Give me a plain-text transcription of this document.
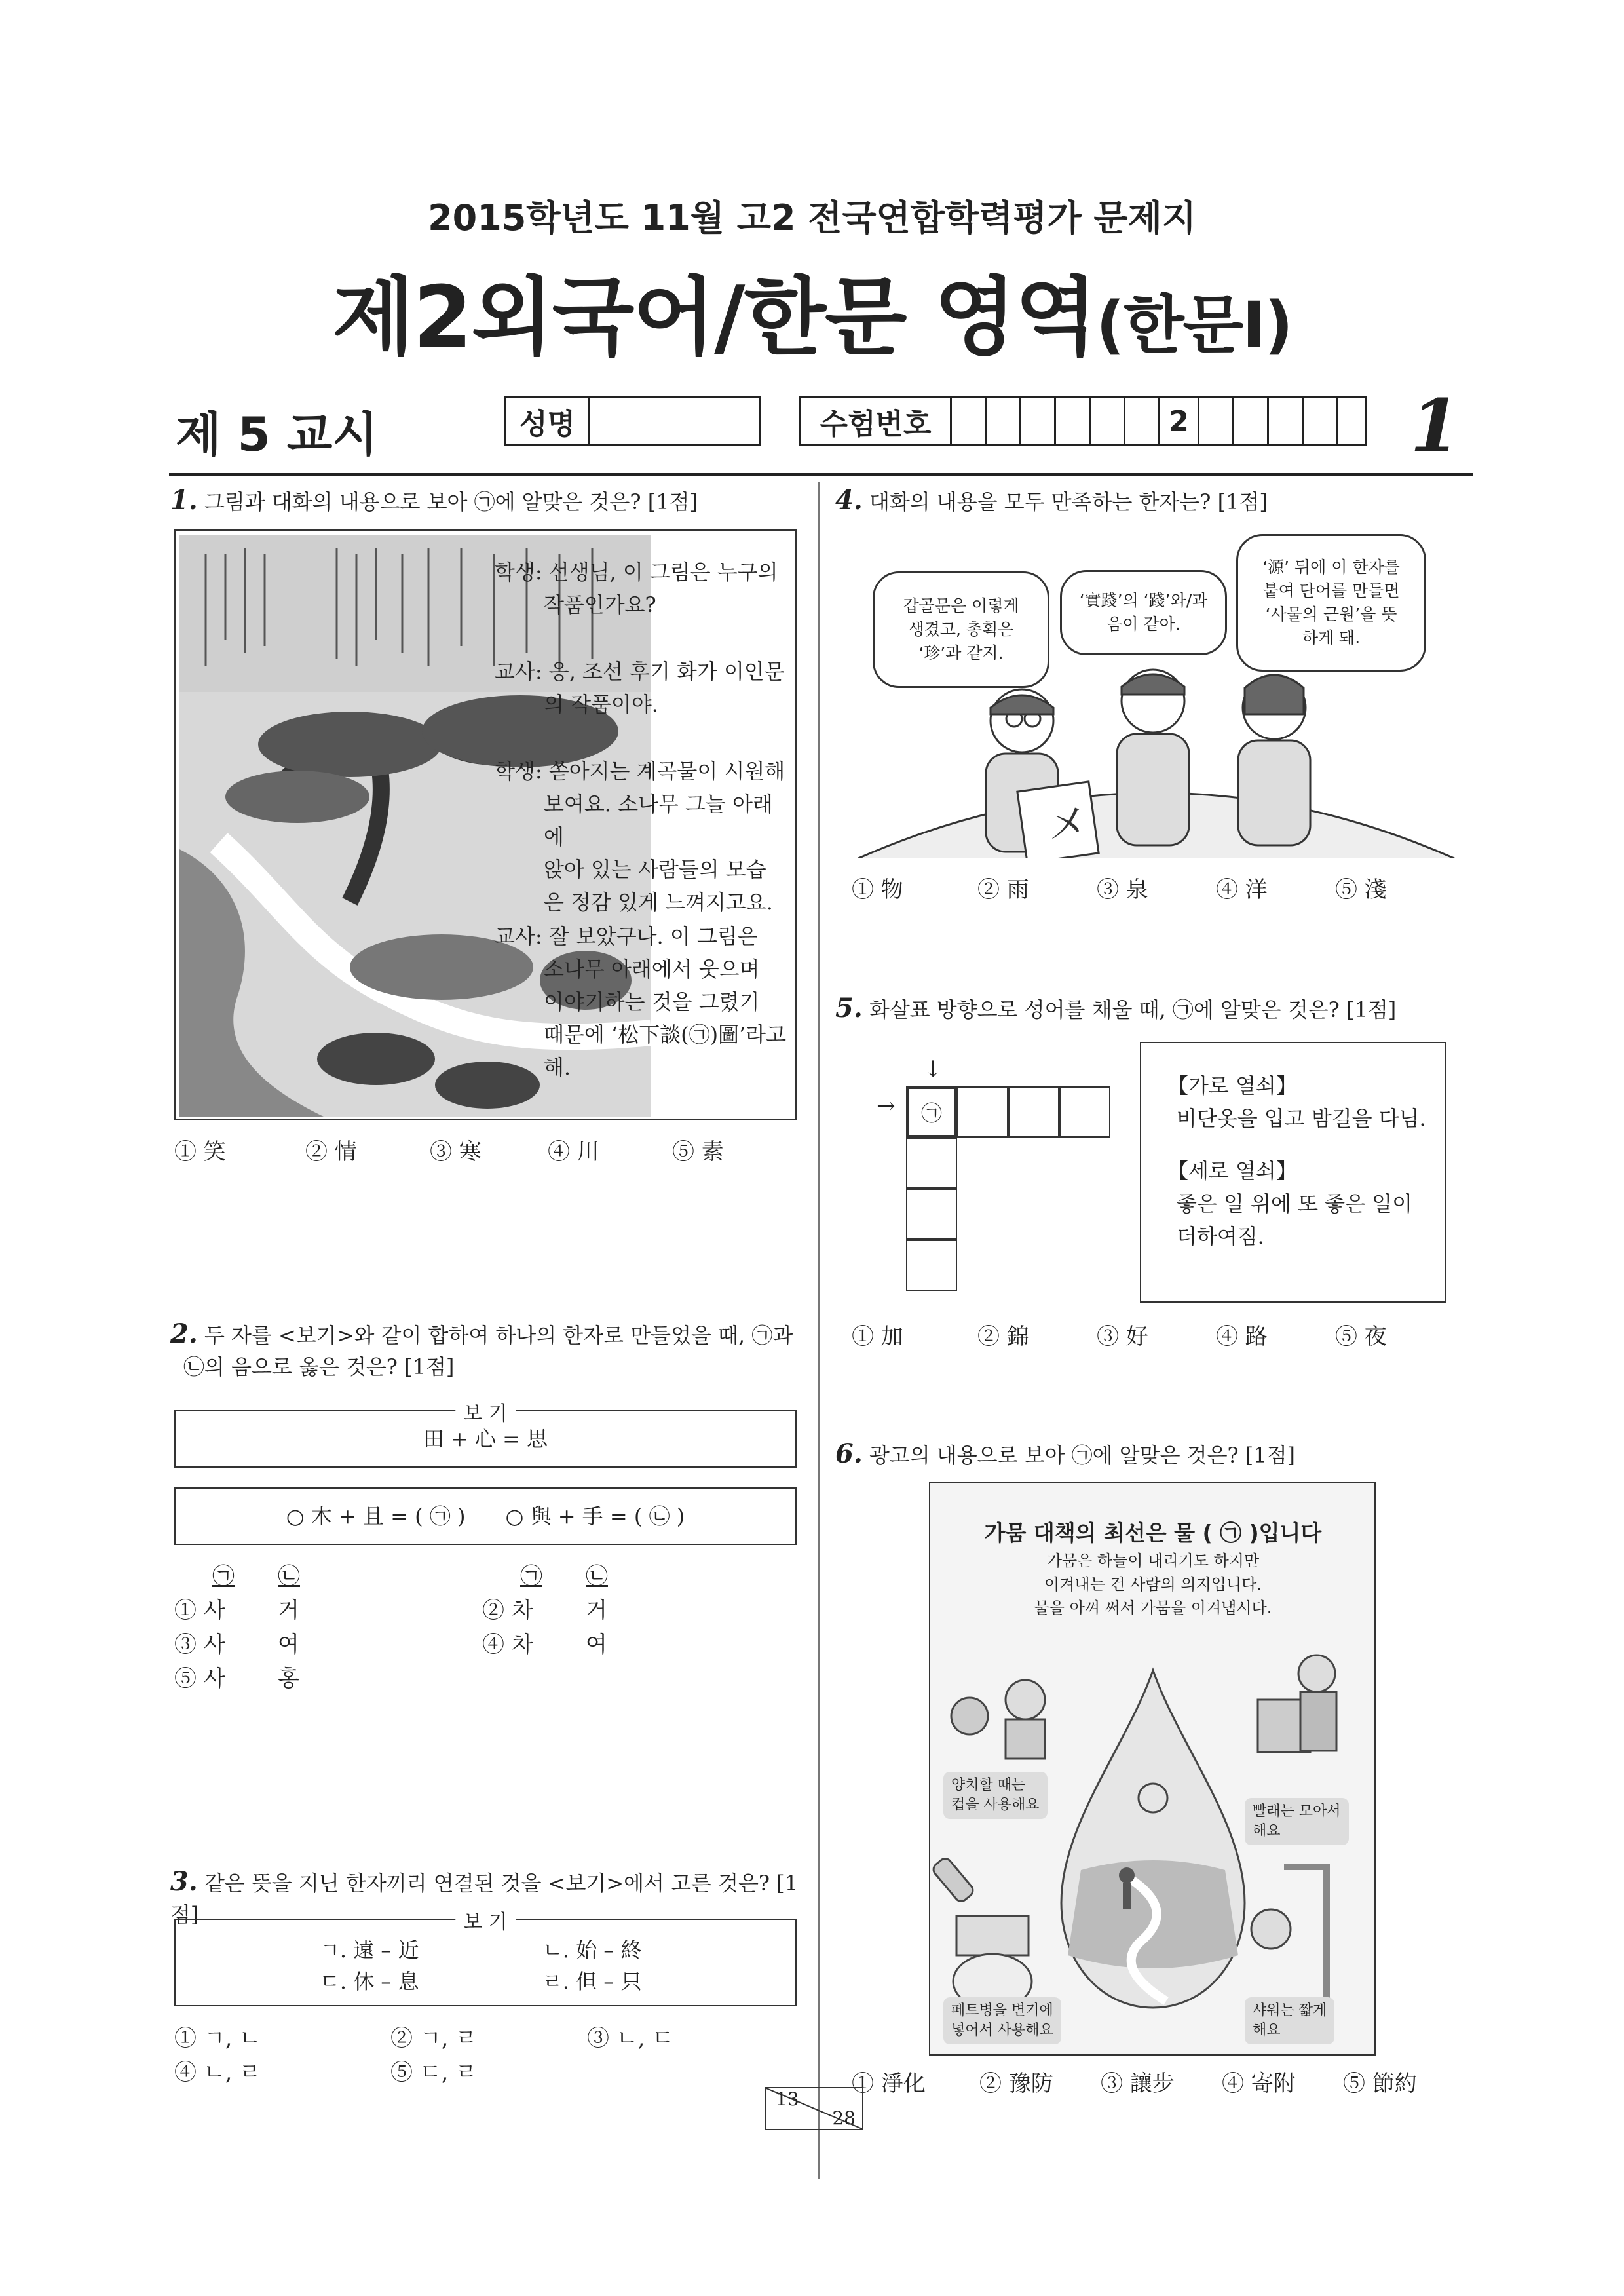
2015학년도 11월 고2 전국연합학력평가 문제지
제2외국어/한문 영역(한문Ⅰ)
제 5 교시	성명	수험번호	2	1
1. 그림과 대화의 내용으로 보아 ㉠에 알맞은 것은? [1점]
학생: 선생님, 이 그림은 누구의
작품인가요?
교사: 응, 조선 후기 화가 이인문
의 작품이야.
학생: 쏟아지는 계곡물이 시원해
보여요. 소나무 그늘 아래에
앉아 있는 사람들의 모습
은 정감 있게 느껴지고요.
교사: 잘 보았구나. 이 그림은
소나무 아래에서 웃으며
이야기하는 것을 그렸기
때문에 ‘松下談(㉠)圖’라고
해.
① 笑	② 情	③ 寒	④ 川	⑤ 素
2. 두 자를 <보기>와 같이 합하여 하나의 한자로 만들었을 때, ㉠과
㉡의 음으로 옳은 것은? [1점]
보 기
田 + 心 = 思
○ 木 + 且 = ( ㉠ )      ○ 與 + 手 = ( ㉡ )
㉠ ㉡	㉠ ㉡
① 사 거	② 차 거
③ 사 여	④ 차 여
⑤ 사 홍
3. 같은 뜻을 지닌 한자끼리 연결된 것을 <보기>에서 고른 것은? [1점]	보 기
ㄱ. 遠 – 近	ㄴ. 始 – 終
ㄷ. 休 – 息	ㄹ. 但 – 只
① ㄱ, ㄴ	② ㄱ, ㄹ	③ ㄴ, ㄷ
④ ㄴ, ㄹ	⑤ ㄷ, ㄹ
4. 대화의 내용을 모두 만족하는 한자는? [1점]
㐅
갑골문은 이렇게
생겼고, 총획은
‘珍’과 같지.
‘實踐’의 ‘踐’와/과
음이 같아.
‘源’ 뒤에 이 한자를
붙여 단어를 만들면
‘사물의 근원’을 뜻
하게 돼.
① 物	② 雨	③ 泉	④ 洋	⑤ 淺
5. 화살표 방향으로 성어를 채울 때, ㉠에 알맞은 것은? [1점]
↓
→	㉠
【가로 열쇠】
비단옷을 입고 밤길을 다님.
【세로 열쇠】
좋은 일 위에 또 좋은 일이
더하여짐.
① 加	② 錦	③ 好	④ 路	⑤ 夜
6. 광고의 내용으로 보아 ㉠에 알맞은 것은? [1점]
가뭄 대책의 최선은 물 ( ㉠ )입니다
가뭄은 하늘이 내리기도 하지만
이겨내는 건 사람의 의지입니다.
물을 아껴 써서 가뭄을 이겨냅시다.
양치할 때는
컵을 사용해요	빨래는 모아서
해요
페트병을 변기에
넣어서 사용해요
샤워는 짧게
해요
① 淨化	② 豫防	③ 讓步	④ 寄附	⑤ 節約
13
28
